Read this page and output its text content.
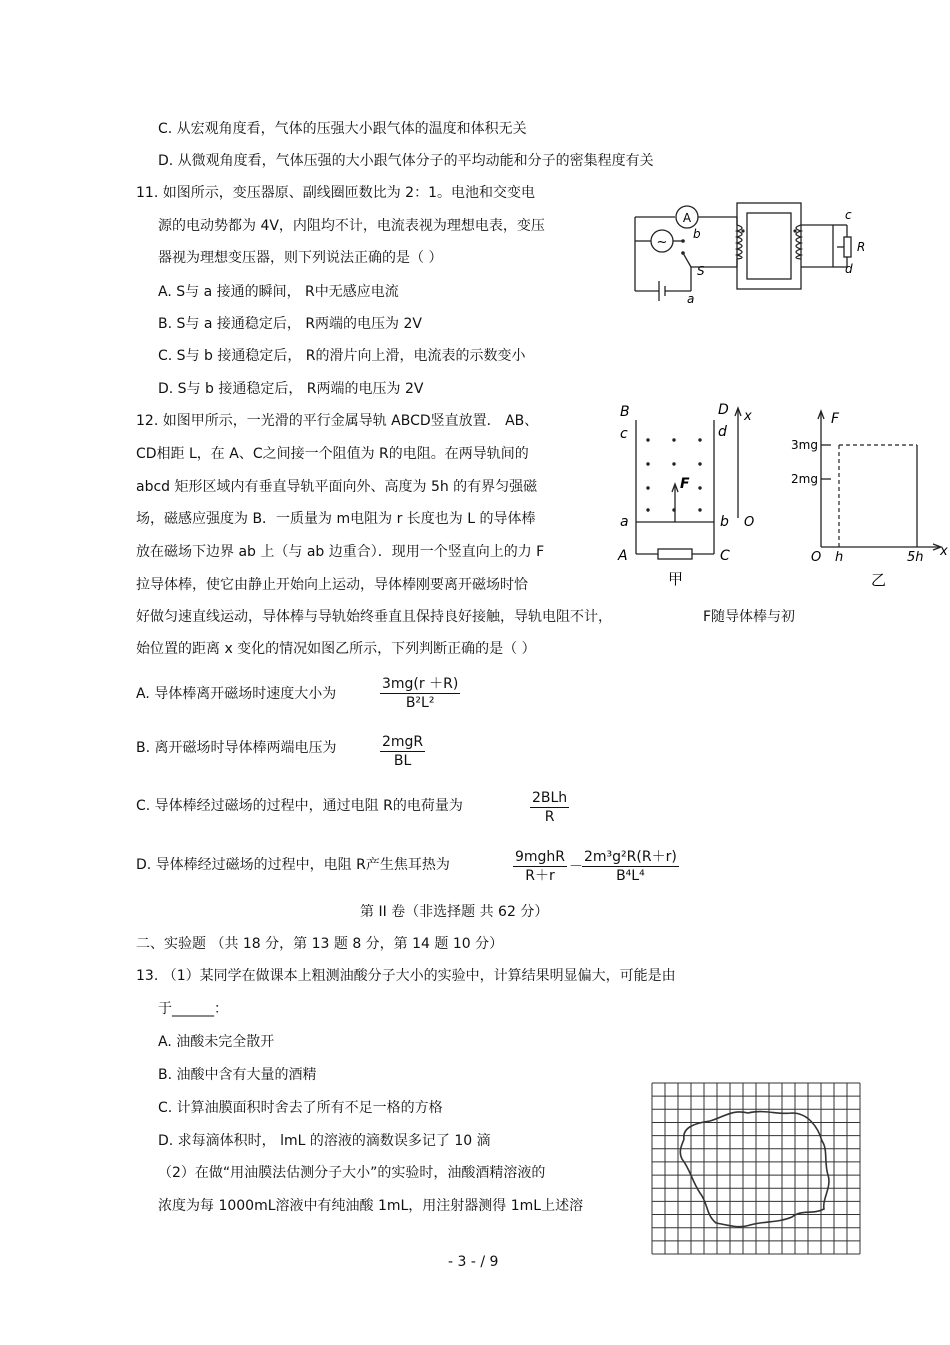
C. 从宏观角度看，气体的压强大小跟气体的温度和体积无关
D. 从微观角度看，气体压强的大小跟气体分子的平均动能和分子的密集程度有关
11. 如图所示，变压器原、副线圈匝数比为 2：1。电池和交变电
源的电动势都为 4V，内阻均不计，电流表视为理想电表，变压
器视为理想变压器，则下列说法正确的是（ ）
A. S与 a 接通的瞬间， R中无感应电流
B. S与 a 接通稳定后， R两端的电压为 2V
C. S与 b 接通稳定后， R的滑片向上滑，电流表的示数变小
D. S与 b 接通稳定后， R两端的电压为 2V
A
~
b
S
a
c
R
d
12. 如图甲所示，一光滑的平行金属导轨 ABCD竖直放置． AB、
CD相距 L，在 A、C之间接一个阻值为 R的电阻。在两导轨间的
abcd 矩形区域内有垂直导轨平面向外、高度为 5h 的有界匀强磁
场，磁感应强度为 B．一质量为 m电阻为 r 长度也为 L 的导体棒
放在磁场下边界 ab 上（与 ab 边重合）．现用一个竖直向上的力 F
拉导体棒，使它由静止开始向上运动，导体棒刚要离开磁场时恰
好做匀速直线运动，导体棒与导轨始终垂直且保持良好接触，导轨电阻不计，	F随导体棒与初
始位置的距离 x 变化的情况如图乙所示，下列判断正确的是（ ）
B	D x
c	d
F
a	b O
A	C
甲
F
3mg
2mg
O h	5h x
乙
A. 导体棒离开磁场时速度大小为	$\frac{3mg(r +R)}{\text{B²L²}}$
B. 离开磁场时导体棒两端电压为	2mgR
BL
C. 导体棒经过磁场的过程中，通过电阻 R的电荷量为	2BLh
R
D. 导体棒经过磁场的过程中，电阻 R产生焦耳热为	9mghR
R＋r
－ $\frac{\text{2m³g²R(R＋r)}}{\text{B⁴L⁴}}$
第 II 卷（非选择题 共 62 分）
二、实验题 （共 18 分，第 13 题 8 分，第 14 题 10 分）
13. （1）某同学在做课本上粗测油酸分子大小的实验中，计算结果明显偏大，可能是由
于______：
A. 油酸未完全散开
B. 油酸中含有大量的酒精
C. 计算油膜面积时舍去了所有不足一格的方格
D. 求每滴体积时， lmL 的溶液的滴数误多记了 10 滴
（2）在做“用油膜法估测分子大小”的实验时，油酸酒精溶液的
浓度为每 1000mL溶液中有纯油酸 1mL，用注射器测得 1mL上述溶
- 3 - / 9
